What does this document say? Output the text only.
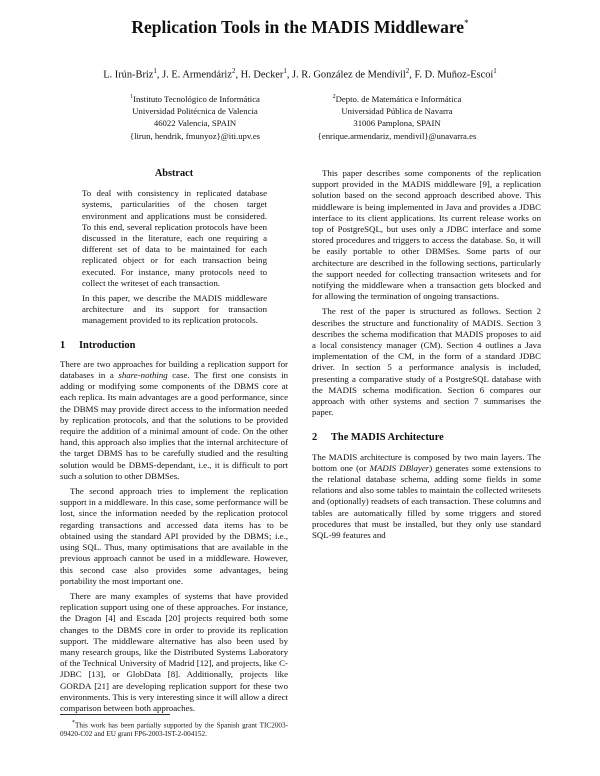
Replication Tools in the MADIS Middleware*
L. Irún-Briz$^1$, J. E. Armendáriz$^2$, H. Decker$^1$, J. R. González de Mendívil$^2$, F. D. Muñoz-Escoí$^1$
$^1$Instituto Tecnológico de Informática
Universidad Politécnica de Valencia
46022 Valencia, SPAIN
{lirun, hendrik, fmunyoz}@iti.upv.es
$^2$Depto. de Matemática e Informática
Universidad Pública de Navarra
31006 Pamplona, SPAIN
{enrique.armendariz, mendivil}@unavarra.es
Abstract

To deal with consistency in replicated database systems, particularities of the chosen target environment and applications must be considered. To this end, several replication protocols have been discussed in the literature, each one requiring a different set of data to be maintained for each replicated object or for each transaction being executed. For instance, many protocols need to collect the writeset of each transaction.

In this paper, we describe the MADIS middleware architecture and its support for transaction management provided to its replication protocols.

1 Introduction

There are two approaches for building a replication support for databases in a share-nothing case. The first one consists in adding or modifying some components of the DBMS core at each replica. Its main advantages are a good performance, since the DBMS may provide direct access to the information needed by replication protocols, and that the solutions to be provided require the addition of a minimal amount of code. On the other hand, this approach also implies that the internal architecture of the target DBMS has to be carefully studied and the resulting solution would be DBMS-dependant, i.e., it is difficult to port such a solution to other DBMSes.

The second approach tries to implement the replication support in a middleware. In this case, some performance will be lost, since the information needed by the replication protocol regarding transactions and accessed data items has to be obtained using the standard API provided by the DBMS; i.e., using SQL. Thus, many optimisations that are available in the previous approach cannot be used in a middleware. However, this second case also provides some advantages, being portability the most important one.

There are many examples of systems that have provided replication support using one of these approaches. For instance, the Dragon [4] and Escada [20] projects required both some changes to the DBMS core in order to provide its replication support. The middleware alternative has also been used by many research groups, like the Distributed Systems Laboratory of the Technical University of Madrid [12], and projects, like C-JDBC [13], or GlobData [8]. Additionally, projects like GORDA [21] are developing replication support for these two environments. This is very interesting since it will allow a direct comparison between both approaches.

This paper describes some components of the replication support provided in the MADIS middleware [9], a replication solution based on the second approach described above. This middleware is being implemented in Java and provides a JDBC interface to its client applications. Its current release works on top of PostgreSQL, but uses only a JDBC interface and some stored procedures and triggers to access the database. So, it will be easily portable to other DBMSes. Some parts of our architecture are described in the following sections, particularly the support needed for collecting transaction writesets and for notifying the middleware when a transaction gets blocked and for allowing the termination of ongoing transactions.

The rest of the paper is structured as follows. Section 2 describes the structure and functionality of MADIS. Section 3 describes the schema modification that MADIS proposes to aid a local consistency manager (CM). Section 4 outlines a Java implementation of the CM, in the form of a standard JDBC driver. In section 5 a performance analysis is included, presenting a comparative study of a PostgreSQL database with the MADIS schema modification. Section 6 compares our approach with other systems and section 7 summarises the paper.

2 The MADIS Architecture

The MADIS architecture is composed by two main layers. The bottom one (or MADIS DBlayer) generates some extensions to the relational database schema, adding some fields in some relations and also some tables to maintain the collected writesets and (optionally) readsets of each transaction. These columns and tables are automatically filled by some triggers and stored procedures that must be installed, but they only use standard SQL-99 features and

*This work has been partially supported by the Spanish grant TIC2003-09420-C02 and EU grant FP6-2003-IST-2-004152.
